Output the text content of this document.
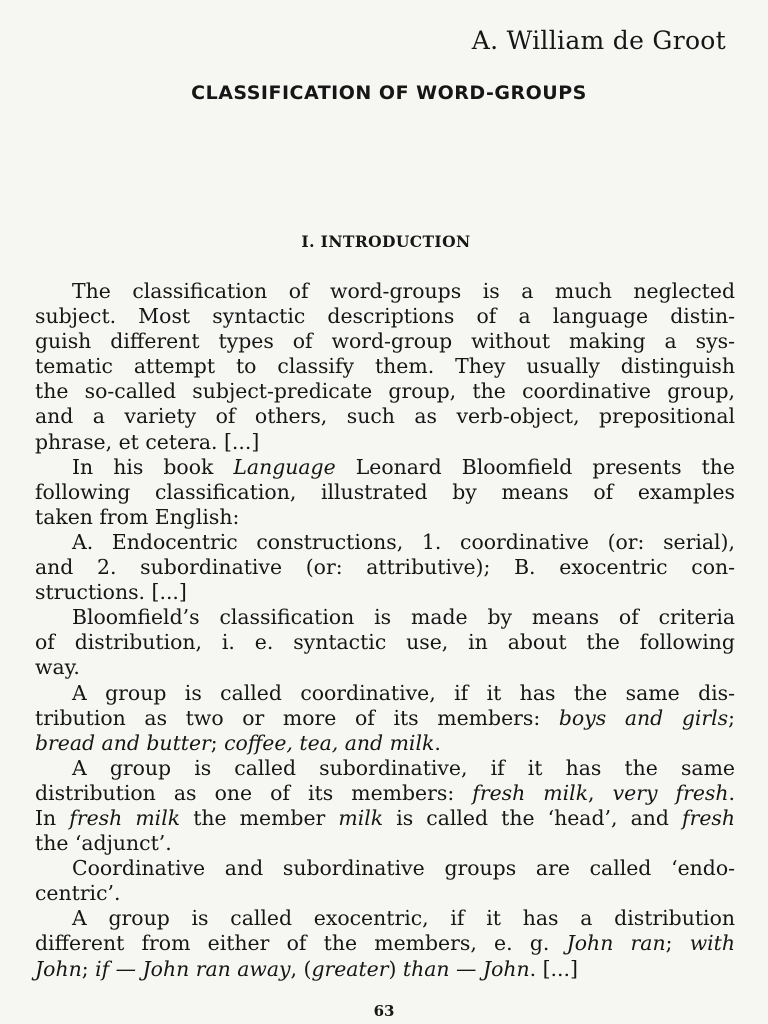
A. William de Groot
CLASSIFICATION OF WORD-GROUPS
I. INTRODUCTION

The classification of word-groups is a much neglected
subject. Most syntactic descriptions of a language distin-
guish different types of word-group without making a sys-
tematic attempt to classify them. They usually distinguish
the so-called subject-predicate group, the coordinative group,
and a variety of others, such as verb-object, prepositional
phrase, et cetera. [...]

In his book Language Leonard Bloomfield presents the
following classification, illustrated by means of examples
taken from English:

A. Endocentric constructions, 1. coordinative (or: serial),
and 2. subordinative (or: attributive); B. exocentric con-
structions. [...]

Bloomfield’s classification is made by means of criteria
of distribution, i. e. syntactic use, in about the following
way.

A group is called coordinative, if it has the same dis-
tribution as two or more of its members: boys and girls;
bread and butter; coffee, tea, and milk.

A group is called subordinative, if it has the same
distribution as one of its members: fresh milk, very fresh.
In fresh milk the member milk is called the ‘head’, and fresh
the ‘adjunct’.

Coordinative and subordinative groups are called ‘endo-
centric’.

A group is called exocentric, if it has a distribution
different from either of the members, e. g. John ran; with
John; if — John ran away, (greater) than — John. [...]

63
